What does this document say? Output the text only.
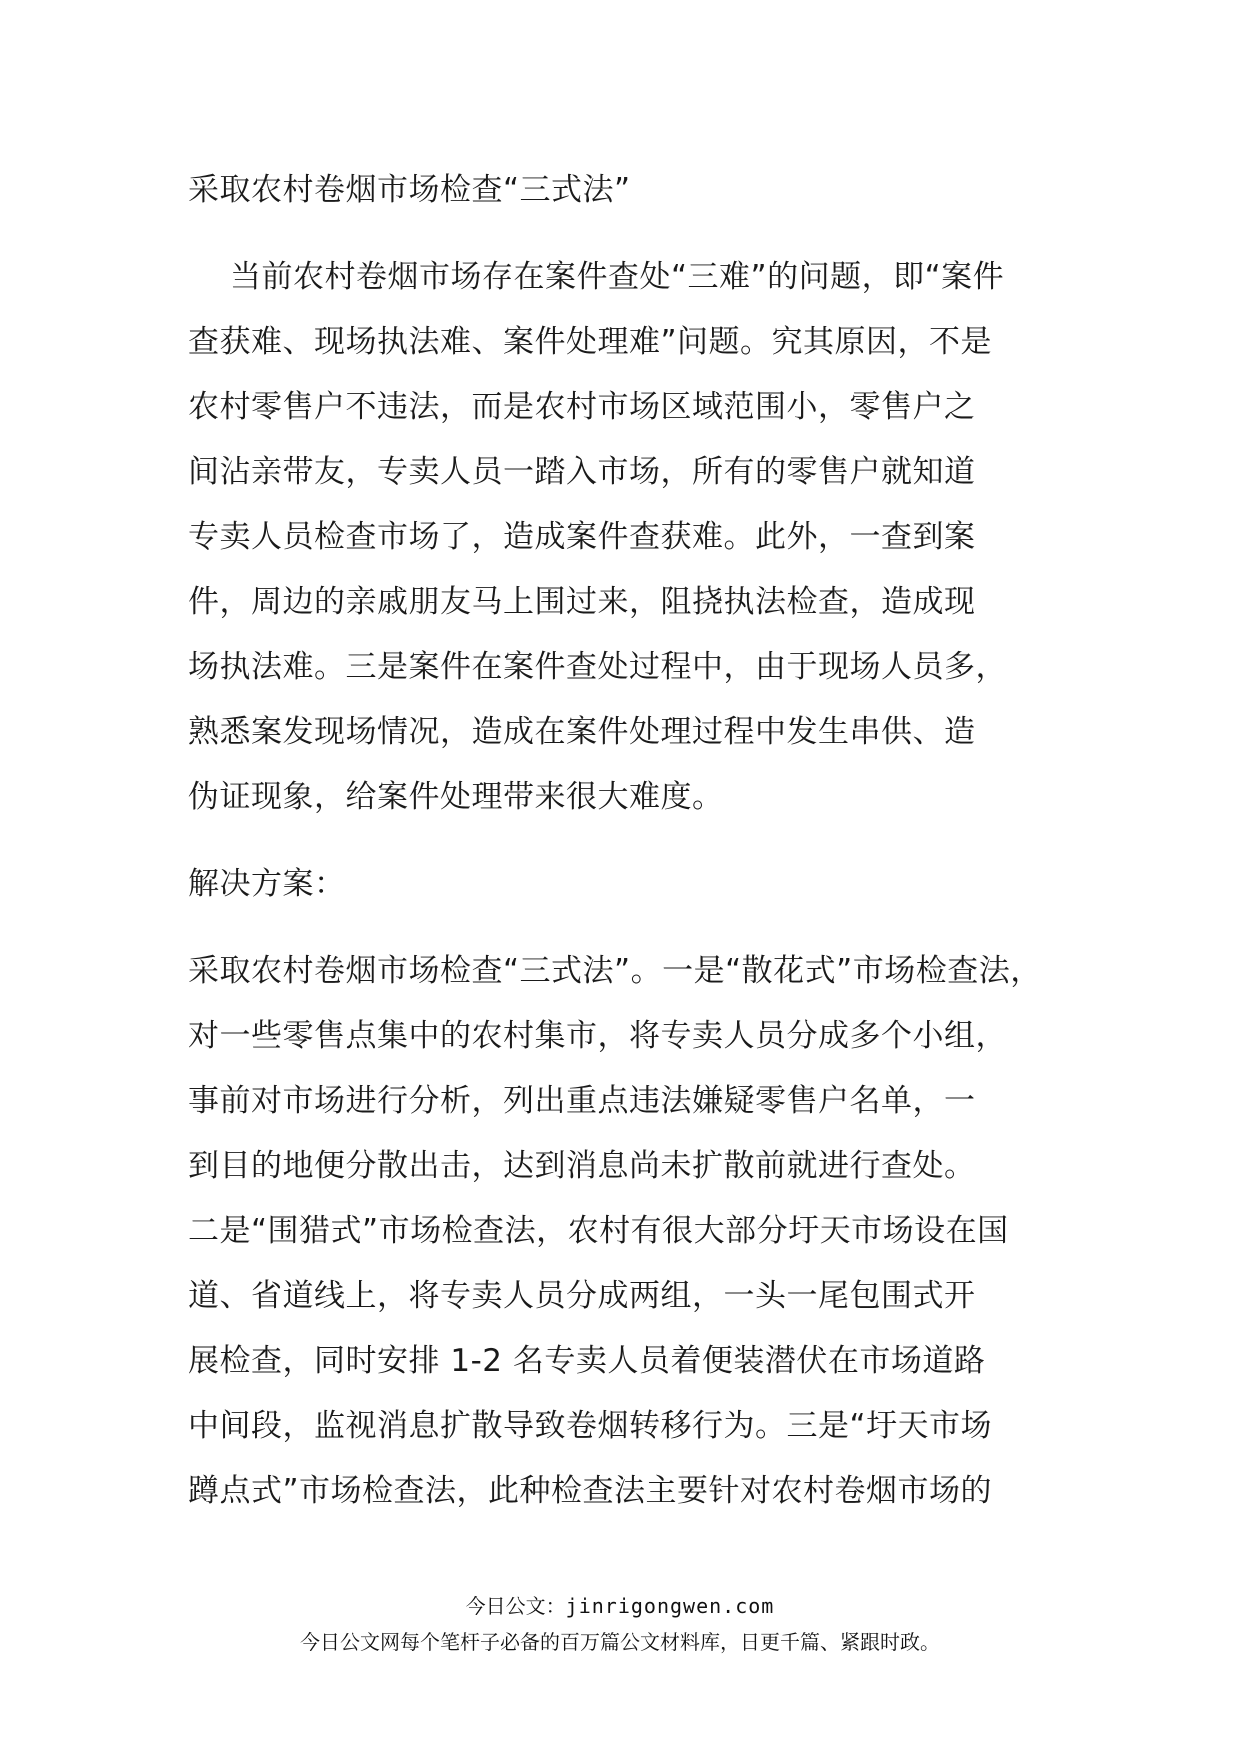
采取农村卷烟市场检查“三式法”
当前农村卷烟市场存在案件查处“三难”的问题，即“案件
查获难、现场执法难、案件处理难”问题。究其原因，不是
农村零售户不违法，而是农村市场区域范围小，零售户之
间沾亲带友，专卖人员一踏入市场，所有的零售户就知道
专卖人员检查市场了，造成案件查获难。此外，一查到案
件，周边的亲戚朋友马上围过来，阻挠执法检查，造成现
场执法难。三是案件在案件查处过程中，由于现场人员多，
熟悉案发现场情况，造成在案件处理过程中发生串供、造
伪证现象，给案件处理带来很大难度。
解决方案：
采取农村卷烟市场检查“三式法”。一是“散花式”市场检查法，
对一些零售点集中的农村集市，将专卖人员分成多个小组，
事前对市场进行分析，列出重点违法嫌疑零售户名单，一
到目的地便分散出击，达到消息尚未扩散前就进行查处。
二是“围猎式”市场检查法，农村有很大部分圩天市场设在国
道、省道线上，将专卖人员分成两组，一头一尾包围式开
展检查，同时安排 1-2 名专卖人员着便装潜伏在市场道路
中间段，监视消息扩散导致卷烟转移行为。三是“圩天市场
蹲点式”市场检查法，此种检查法主要针对农村卷烟市场的
今日公文：jinrigongwen.com
今日公文网每个笔杆子必备的百万篇公文材料库，日更千篇、紧跟时政。
